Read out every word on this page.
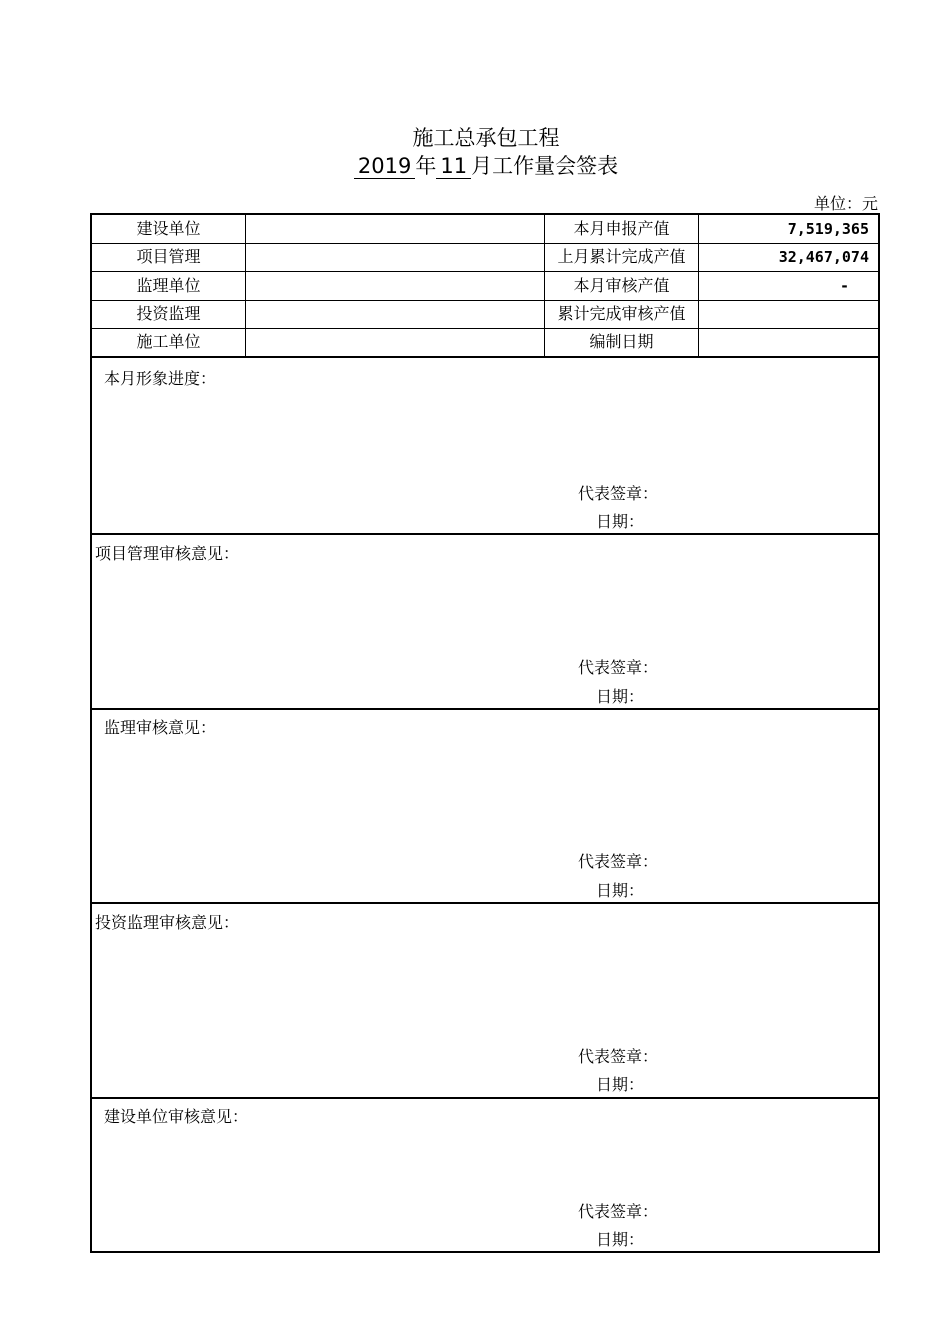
施工总承包工程
2019 年 11 月工作量会签表
单位：元
建设单位	本月申报产值	7,519,365
项目管理	上月累计完成产值	32,467,074
监理单位	本月审核产值	-
投资监理	累计完成审核产值
施工单位	编制日期
本月形象进度：
代表签章：
日期：
项目管理审核意见：
代表签章：
日期：
监理审核意见：
代表签章：
日期：
投资监理审核意见：
代表签章：
日期：
建设单位审核意见：
代表签章：
日期：
